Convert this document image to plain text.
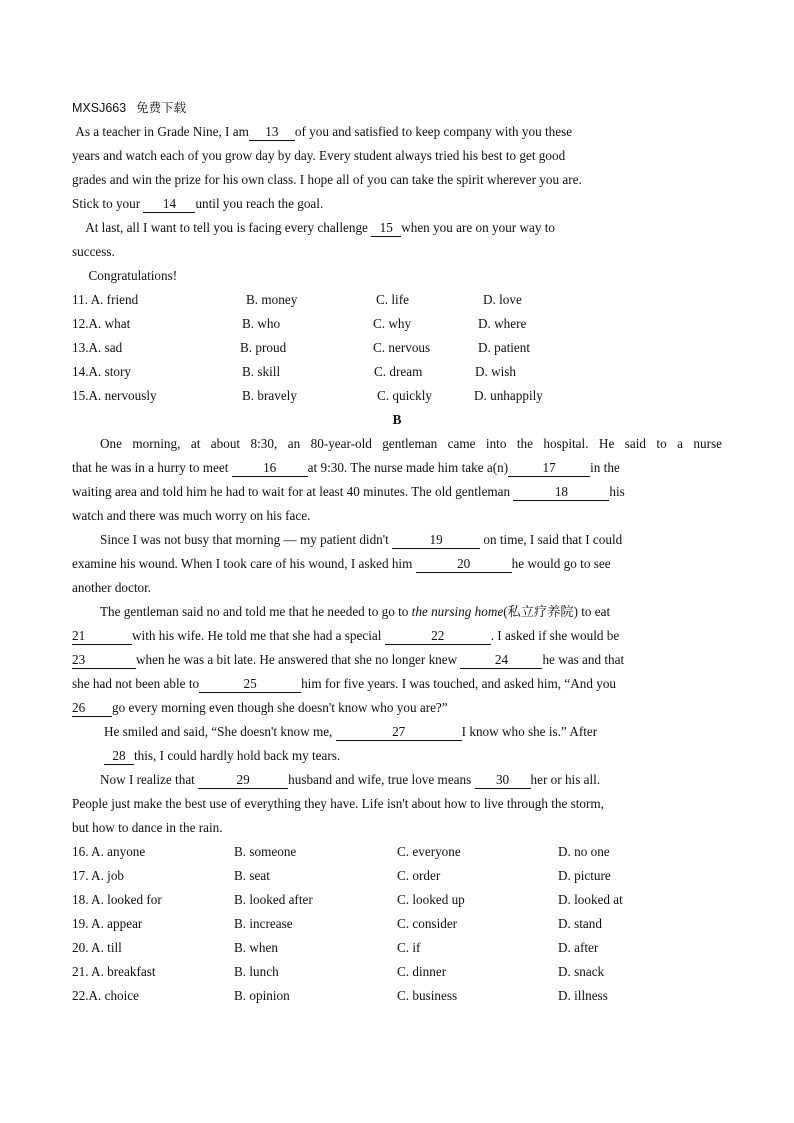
MXSJ663 免费下载
As a teacher in Grade Nine, I am 13 of you and satisfied to keep company with you these
years and watch each of you grow day by day. Every student always tried his best to get good
grades and win the prize for his own class. I hope all of you can take the spirit wherever you are.
Stick to your 14 until you reach the goal.
At last, all I want to tell you is facing every challenge 15 when you are on your way to
success.
Congratulations!
11. A. friend	B. money	C. life	D. love
12.A. what	B. who	C. why	D. where
13.A. sad	B. proud	C. nervous	D. patient
14.A. story	B. skill	C. dream	D. wish
15.A. nervously	B. bravely	C. quickly	D. unhappily
B
One morning, at about 8:30, an 80-year-old gentleman came into the hospital. He said to a nurse
that he was in a hurry to meet	16 at 9:30. The nurse made him take a(n)	17	in the
waiting area and told him he had to wait for at least 40 minutes. The old gentleman	18	his
watch and there was much worry on his face.
Since I was not busy that morning — my patient didn't	19	on time, I said that I could
examine his wound. When I took care of his wound, I asked him	20	he would go to see
another doctor.
The gentleman said no and told me that he needed to go to the nursing home(私立疗养院) to eat
21	with his wife. He told me that she had a special	22	. I asked if she would be
23	when he was a bit late. He answered that she no longer knew	24	he was and that
she had not been able to	25	him for five years. I was touched, and asked him, “And you
26 go every morning even though she doesn't know who you are?”
He smiled and said, “She doesn't know me,	27	I know who she is.” After
28 this, I could hardly hold back my tears.
Now I realize that	29	husband and wife, true love means 30 her or his all.
People just make the best use of everything they have. Life isn't about how to live through the storm,
but how to dance in the rain.
16. A. anyone	B. someone	C. everyone	D. no one
17. A. job	B. seat	C. order	D. picture
18. A. looked for	B. looked after	C. looked up	D. looked at
19. A. appear	B. increase	C. consider	D. stand
20. A. till	B. when	C. if	D. after
21. A. breakfast	B. lunch	C. dinner	D. snack
22.A. choice	B. opinion	C. business	D. illness
